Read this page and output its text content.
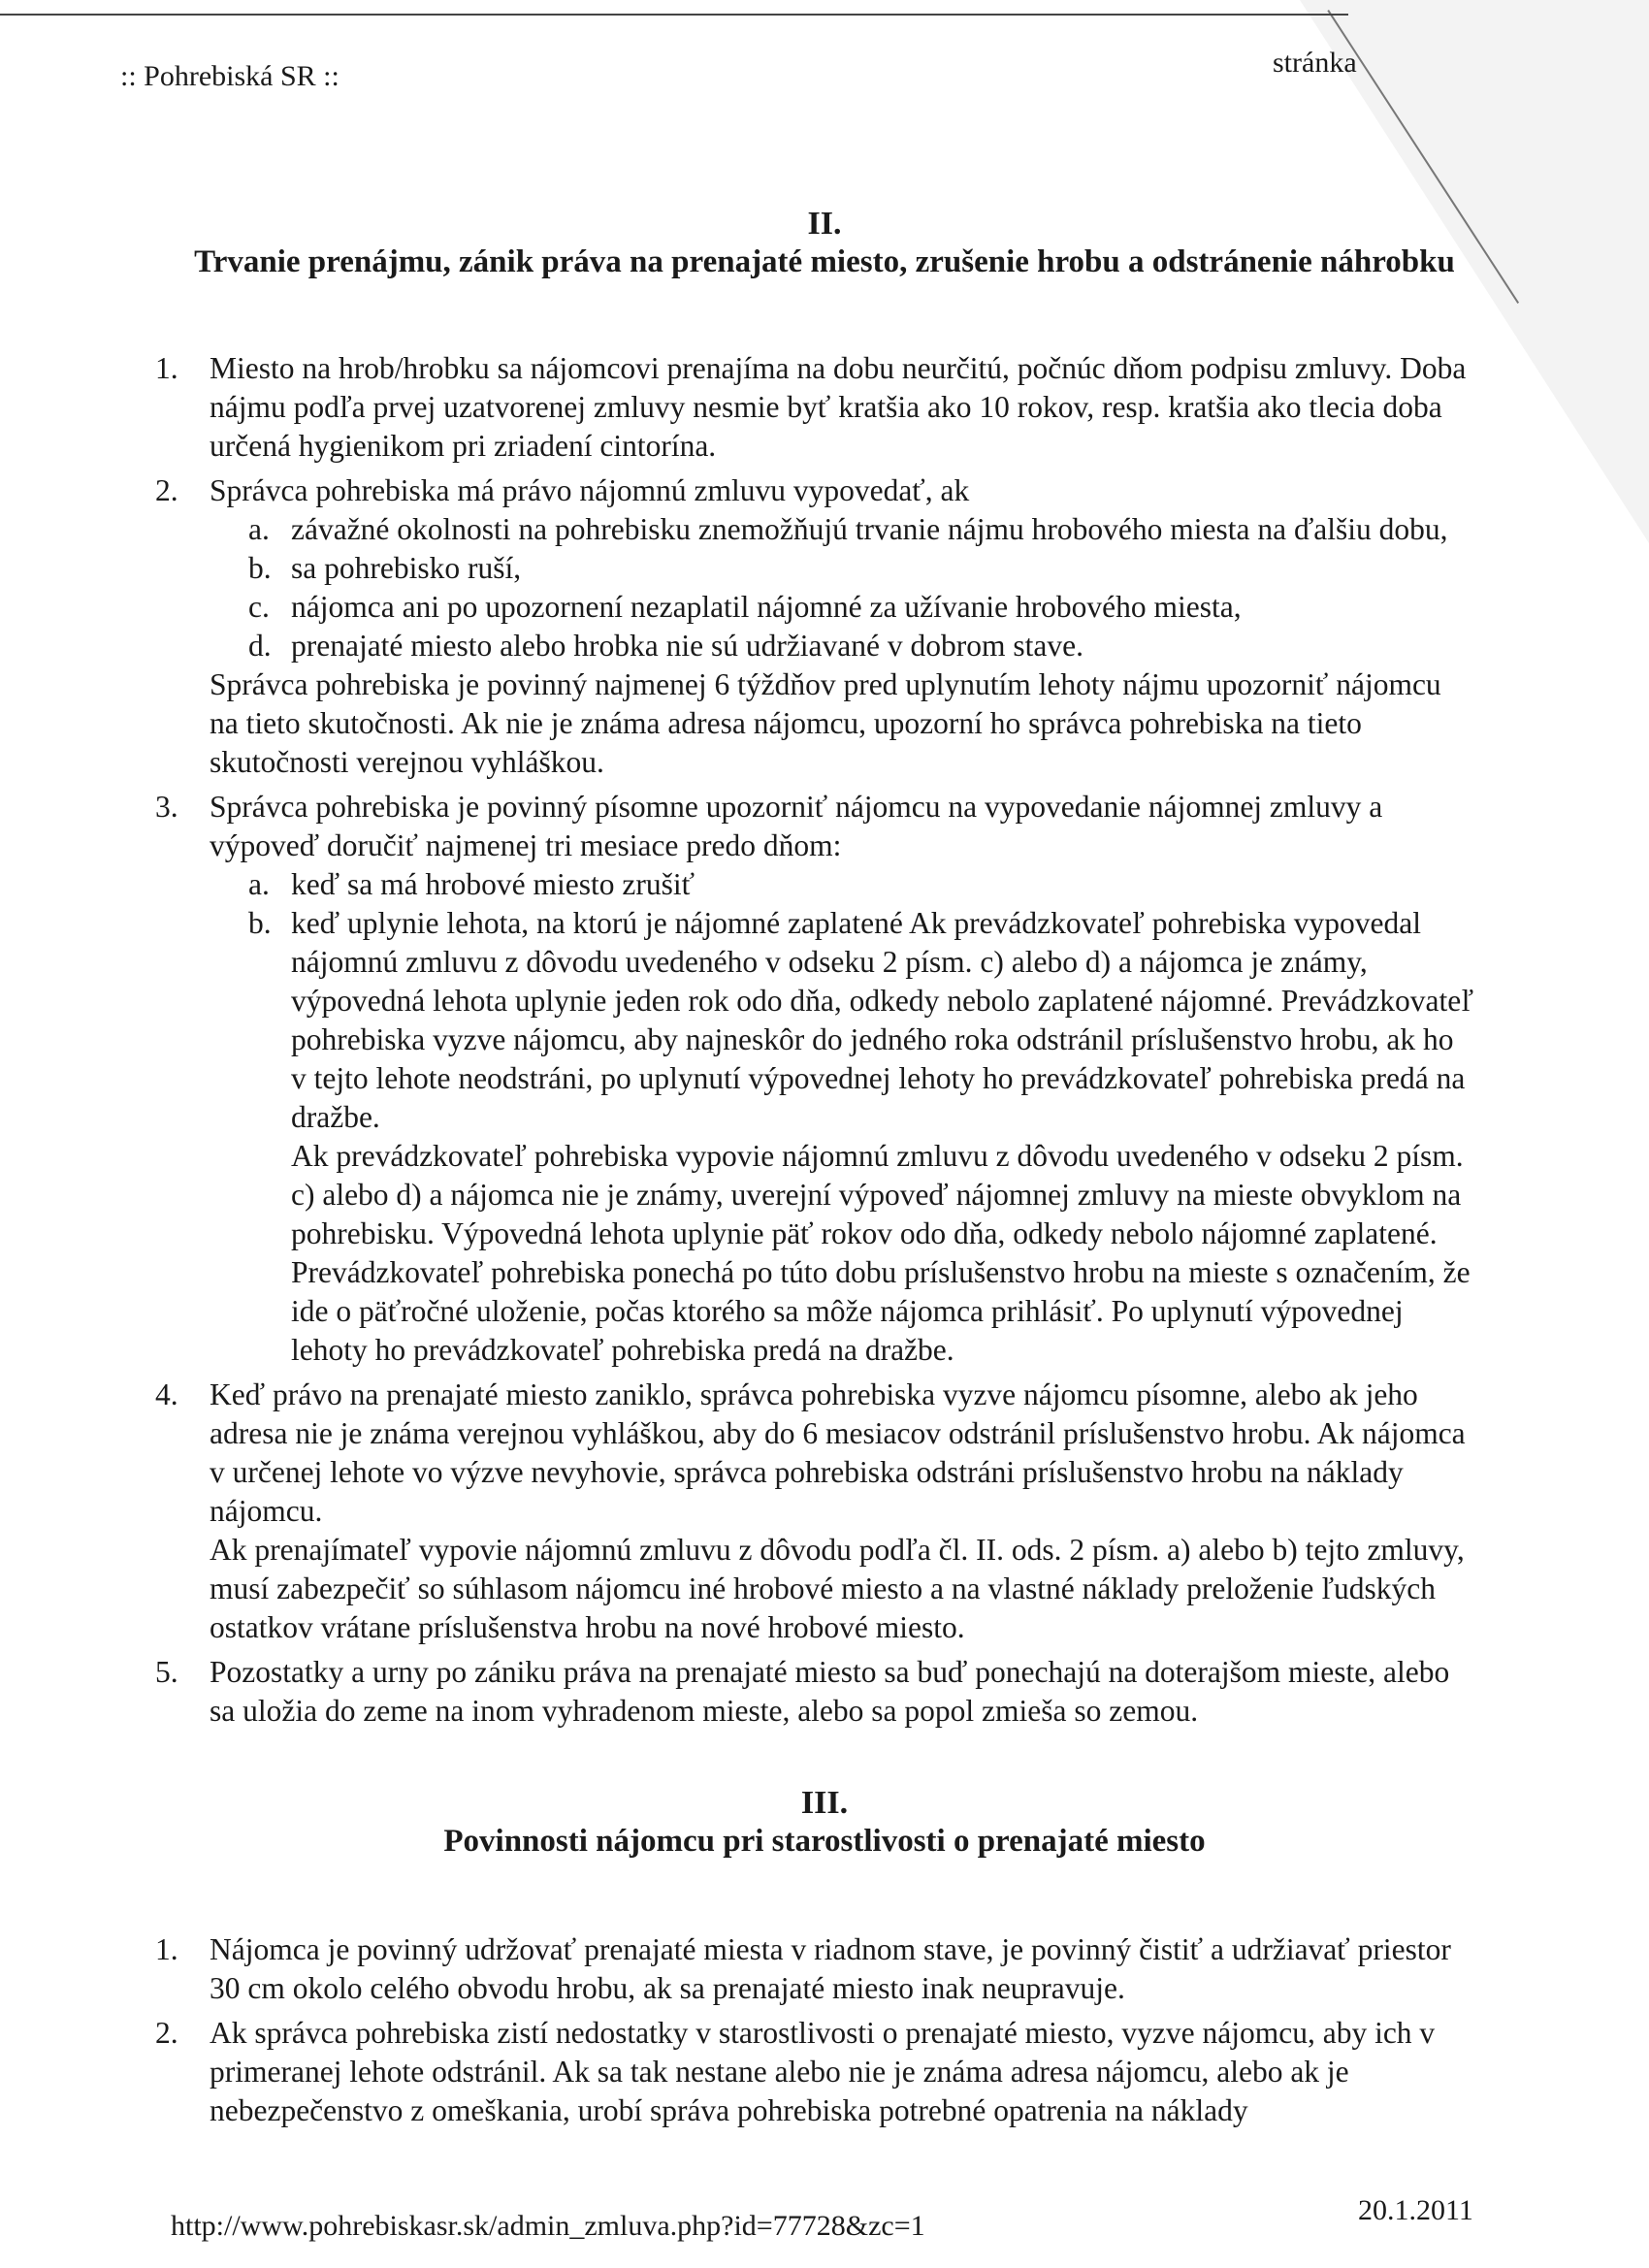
:: Pohrebiská SR ::	stránka
II.
Trvanie prenájmu, zánik práva na prenajaté miesto, zrušenie hrobu a odstránenie náhrobku
1. Miesto na hrob/hrobku sa nájomcovi prenajíma na dobu neurčitú, počnúc dňom podpisu zmluvy. Doba nájmu podľa prvej uzatvorenej zmluvy nesmie byť kratšia ako 10 rokov, resp. kratšia ako tlecia doba určená hygienikom pri zriadení cintorína.

2. Správca pohrebiska má právo nájomnú zmluvu vypovedať, ak

a. závažné okolnosti na pohrebisku znemožňujú trvanie nájmu hrobového miesta na ďalšiu dobu,

b. sa pohrebisko ruší,

c. nájomca ani po upozornení nezaplatil nájomné za užívanie hrobového miesta,

d. prenajaté miesto alebo hrobka nie sú udržiavané v dobrom stave.

Správca pohrebiska je povinný najmenej 6 týždňov pred uplynutím lehoty nájmu upozorniť nájomcu na tieto skutočnosti. Ak nie je známa adresa nájomcu, upozorní ho správca pohrebiska na tieto skutočnosti verejnou vyhláškou.

3. Správca pohrebiska je povinný písomne upozorniť nájomcu na vypovedanie nájomnej zmluvy a výpoveď doručiť najmenej tri mesiace predo dňom:

a. keď sa má hrobové miesto zrušiť

b. keď uplynie lehota, na ktorú je nájomné zaplatené Ak prevádzkovateľ pohrebiska vypovedal nájomnú zmluvu z dôvodu uvedeného v odseku 2 písm. c) alebo d) a nájomca je známy, výpovedná lehota uplynie jeden rok odo dňa, odkedy nebolo zaplatené nájomné. Prevádzkovateľ pohrebiska vyzve nájomcu, aby najneskôr do jedného roka odstránil príslušenstvo hrobu, ak ho v tejto lehote neodstráni, po uplynutí výpovednej lehoty ho prevádzkovateľ pohrebiska predá na dražbe.

Ak prevádzkovateľ pohrebiska vypovie nájomnú zmluvu z dôvodu uvedeného v odseku 2 písm. c) alebo d) a nájomca nie je známy, uverejní výpoveď nájomnej zmluvy na mieste obvyklom na pohrebisku. Výpovedná lehota uplynie päť rokov odo dňa, odkedy nebolo nájomné zaplatené. Prevádzkovateľ pohrebiska ponechá po túto dobu príslušenstvo hrobu na mieste s označením, že ide o päťročné uloženie, počas ktorého sa môže nájomca prihlásiť. Po uplynutí výpovednej lehoty ho prevádzkovateľ pohrebiska predá na dražbe.

4. Keď právo na prenajaté miesto zaniklo, správca pohrebiska vyzve nájomcu písomne, alebo ak jeho adresa nie je známa verejnou vyhláškou, aby do 6 mesiacov odstránil príslušenstvo hrobu. Ak nájomca v určenej lehote vo výzve nevyhovie, správca pohrebiska odstráni príslušenstvo hrobu na náklady nájomcu.

Ak prenajímateľ vypovie nájomnú zmluvu z dôvodu podľa čl. II. ods. 2 písm. a) alebo b) tejto zmluvy, musí zabezpečiť so súhlasom nájomcu iné hrobové miesto a na vlastné náklady preloženie ľudských ostatkov vrátane príslušenstva hrobu na nové hrobové miesto.

5. Pozostatky a urny po zániku práva na prenajaté miesto sa buď ponechajú na doterajšom mieste, alebo sa uložia do zeme na inom vyhradenom mieste, alebo sa popol zmieša so zemou.

III.
Povinnosti nájomcu pri starostlivosti o prenajaté miesto
1. Nájomca je povinný udržovať prenajaté miesta v riadnom stave, je povinný čistiť a udržiavať priestor 30 cm okolo celého obvodu hrobu, ak sa prenajaté miesto inak neupravuje.

2. Ak správca pohrebiska zistí nedostatky v starostlivosti o prenajaté miesto, vyzve nájomcu, aby ich v primeranej lehote odstránil. Ak sa tak nestane alebo nie je známa adresa nájomcu, alebo ak je nebezpečenstvo z omeškania, urobí správa pohrebiska potrebné opatrenia na náklady

http://www.pohrebiskasr.sk/admin_zmluva.php?id=77728&zc=1	20.1.2011
